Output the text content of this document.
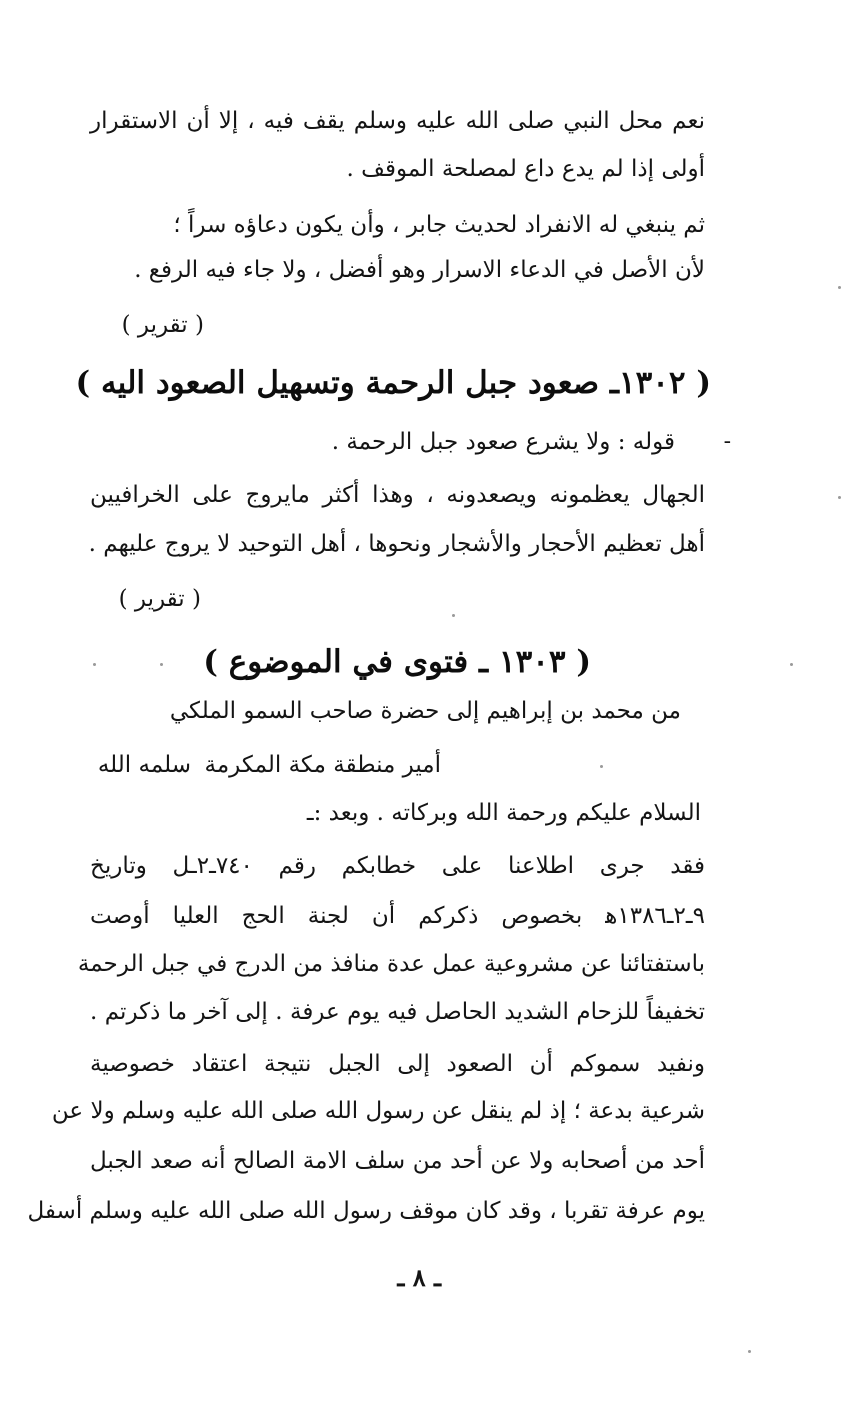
نعم محل النبي صلى الله عليه وسلم يقف فيه ، إلا أن الاستقرار
أولى إذا لم يدع داع لمصلحة الموقف .
ثم ينبغي له الانفراد لحديث جابر ، وأن يكون دعاؤه سراً ؛
لأن الأصل في الدعاء الاسرار وهو أفضل ، ولا جاء فيه الرفع .
( تقرير )
( ١٣٠٢ـ صعود جبل الرحمة وتسهيل الصعود اليه )
-
قوله : ولا يشرع صعود جبل الرحمة .
الجهال يعظمونه ويصعدونه ، وهذا أكثر مايروج على الخرافيين
أهل تعظيم الأحجار والأشجار ونحوها ، أهل التوحيد لا يروج عليهم .
( تقرير )
( ١٣٠٣ ـ فتوى في الموضوع )
من محمد بن إبراهيم إلى حضرة صاحب السمو الملكي
أمير منطقة مكة المكرمة
سلمه الله
السلام عليكم ورحمة الله وبركاته . وبعد :ـ
فقد جرى اطلاعنا على خطابكم رقم ٧٤٠ـ٢ـل وتاريخ
٩ـ٢ـ١٣٨٦ﻫ بخصوص ذكركم أن لجنة الحج العليا أوصت
باستفتائنا عن مشروعية عمل عدة منافذ من الدرج في جبل الرحمة
تخفيفاً للزحام الشديد الحاصل فيه يوم عرفة . إلى آخر ما ذكرتم .
ونفيد سموكم أن الصعود إلى الجبل نتيجة اعتقاد خصوصية
شرعية بدعة ؛ إذ لم ينقل عن رسول الله صلى الله عليه وسلم ولا عن
أحد من أصحابه ولا عن أحد من سلف الامة الصالح أنه صعد الجبل
يوم عرفة تقربا ، وقد كان موقف رسول الله صلى الله عليه وسلم أسفل
ـ ٨ ـ
